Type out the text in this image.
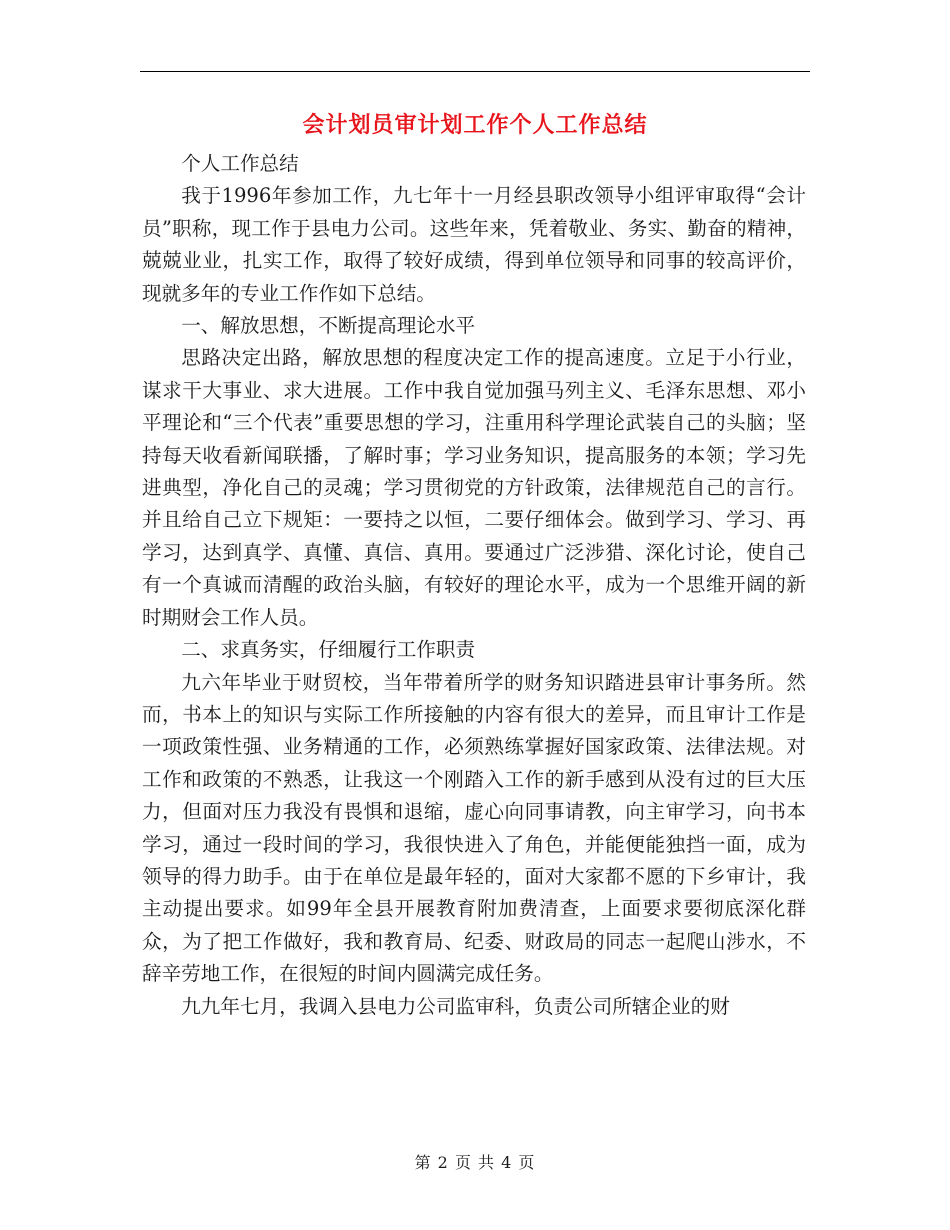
会计划员审计划工作个人工作总结

个人工作总结

我于1996年参加工作，九七年十一月经县职改领导小组评审取得“会计员”职称，现工作于县电力公司。这些年来，凭着敬业、务实、勤奋的精神，兢兢业业，扎实工作，取得了较好成绩，得到单位领导和同事的较高评价，现就多年的专业工作作如下总结。

一、解放思想，不断提高理论水平

思路决定出路，解放思想的程度决定工作的提高速度。立足于小行业，谋求干大事业、求大进展。工作中我自觉加强马列主义、毛泽东思想、邓小平理论和“三个代表”重要思想的学习，注重用科学理论武装自己的头脑；坚持每天收看新闻联播，了解时事；学习业务知识，提高服务的本领；学习先进典型，净化自己的灵魂；学习贯彻党的方针政策，法律规范自己的言行。并且给自己立下规矩：一要持之以恒，二要仔细体会。做到学习、学习、再学习，达到真学、真懂、真信、真用。要通过广泛涉猎、深化讨论，使自己有一个真诚而清醒的政治头脑，有较好的理论水平，成为一个思维开阔的新时期财会工作人员。

二、求真务实，仔细履行工作职责

九六年毕业于财贸校，当年带着所学的财务知识踏进县审计事务所。然而，书本上的知识与实际工作所接触的内容有很大的差异，而且审计工作是一项政策性强、业务精通的工作，必须熟练掌握好国家政策、法律法规。对工作和政策的不熟悉，让我这一个刚踏入工作的新手感到从没有过的巨大压力，但面对压力我没有畏惧和退缩，虚心向同事请教，向主审学习，向书本学习，通过一段时间的学习，我很快进入了角色，并能便能独挡一面，成为领导的得力助手。由于在单位是最年轻的，面对大家都不愿的下乡审计，我主动提出要求。如99年全县开展教育附加费清查，上面要求要彻底深化群众，为了把工作做好，我和教育局、纪委、财政局的同志一起爬山涉水，不辞辛劳地工作，在很短的时间内圆满完成任务。

九九年七月，我调入县电力公司监审科，负责公司所辖企业的财

第 2 页 共 4 页
